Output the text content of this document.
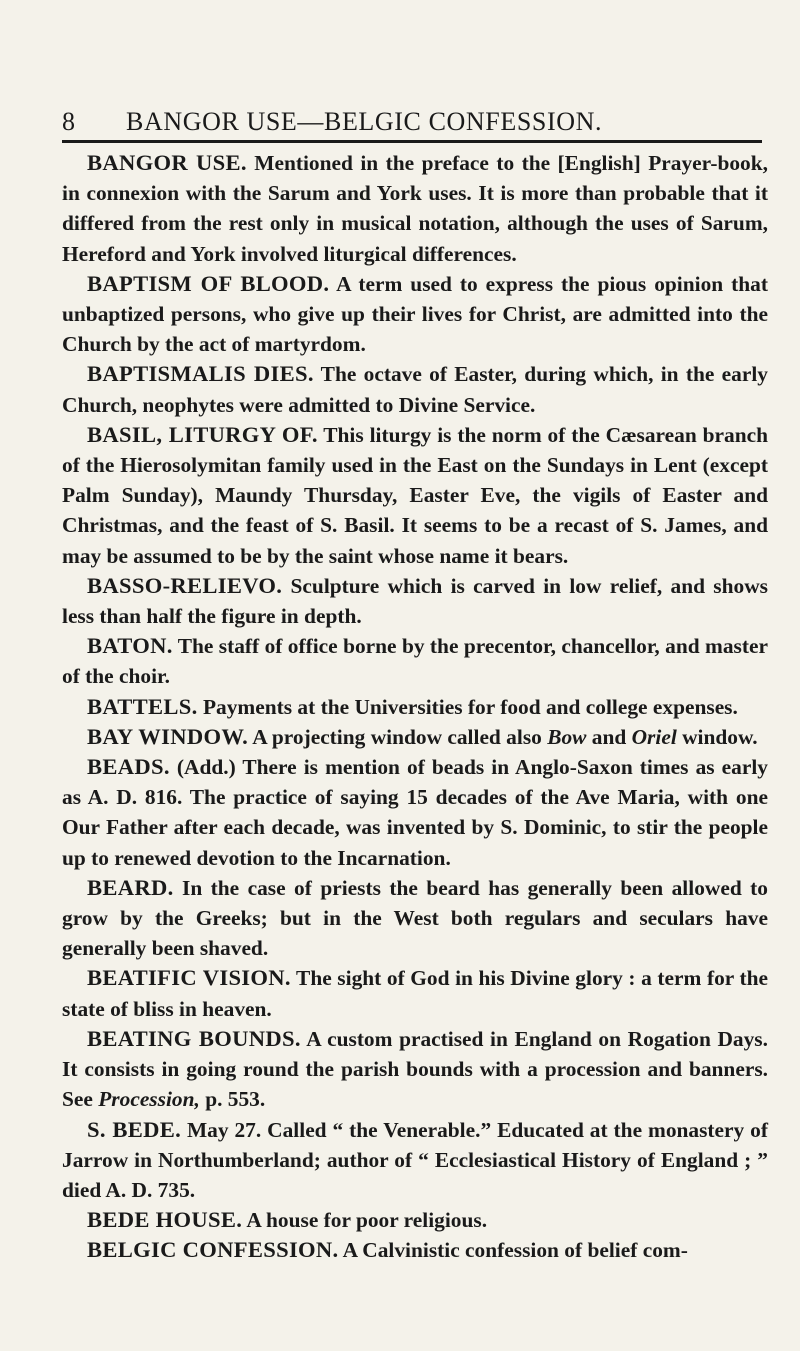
8 BANGOR USE—BELGIC CONFESSION.

BANGOR USE. Mentioned in the preface to the [English] Prayer-book, in connexion with the Sarum and York uses. It is more than probable that it differed from the rest only in musical notation, although the uses of Sarum, Hereford and York involved liturgical differences.

BAPTISM OF BLOOD. A term used to express the pious opinion that unbaptized persons, who give up their lives for Christ, are admitted into the Church by the act of martyrdom.

BAPTISMALIS DIES. The octave of Easter, during which, in the early Church, neophytes were admitted to Divine Service.

BASIL, LITURGY OF. This liturgy is the norm of the Cæsarean branch of the Hierosolymitan family used in the East on the Sundays in Lent (except Palm Sunday), Maundy Thursday, Easter Eve, the vigils of Easter and Christmas, and the feast of S. Basil. It seems to be a recast of S. James, and may be assumed to be by the saint whose name it bears.

BASSO-RELIEVO. Sculpture which is carved in low relief, and shows less than half the figure in depth.

BATON. The staff of office borne by the precentor, chancellor, and master of the choir.

BATTELS. Payments at the Universities for food and college expenses.

BAY WINDOW. A projecting window called also Bow and Oriel window.

BEADS. (Add.) There is mention of beads in Anglo-Saxon times as early as A. D. 816. The practice of saying 15 decades of the Ave Maria, with one Our Father after each decade, was invented by S. Dominic, to stir the people up to renewed devotion to the Incarnation.

BEARD. In the case of priests the beard has generally been allowed to grow by the Greeks; but in the West both regulars and seculars have generally been shaved.

BEATIFIC VISION. The sight of God in his Divine glory : a term for the state of bliss in heaven.

BEATING BOUNDS. A custom practised in England on Rogation Days. It consists in going round the parish bounds with a procession and banners. See Procession, p. 553.

S. BEDE. May 27. Called “ the Venerable.” Educated at the monastery of Jarrow in Northumberland; author of “ Ecclesiastical History of England ; ” died A. D. 735.

BEDE HOUSE. A house for poor religious.

BELGIC CONFESSION. A Calvinistic confession of belief com-
